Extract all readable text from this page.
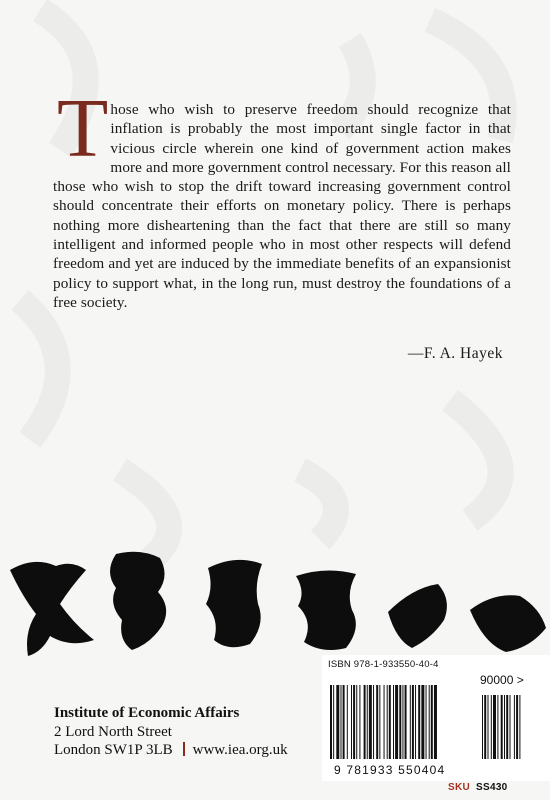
Those who wish to preserve freedom should recognize that inflation is probably the most important single factor in that vicious circle wherein one kind of government action makes more and more government control necessary. For this reason all those who wish to stop the drift toward increasing government control should concentrate their efforts on monetary policy. There is perhaps nothing more disheartening than the fact that there are still so many intelligent and informed people who in most other respects will defend freedom and yet are induced by the immediate benefits of an expansionist policy to support what, in the long run, must destroy the foundations of a free society.
—F. A. Hayek
Institute of Economic Affairs
2 Lord North Street
London SW1P 3LB www.iea.org.uk
ISBN 978-1-933550-40-4
90000 >
9 781933 550404
SKU SS430
